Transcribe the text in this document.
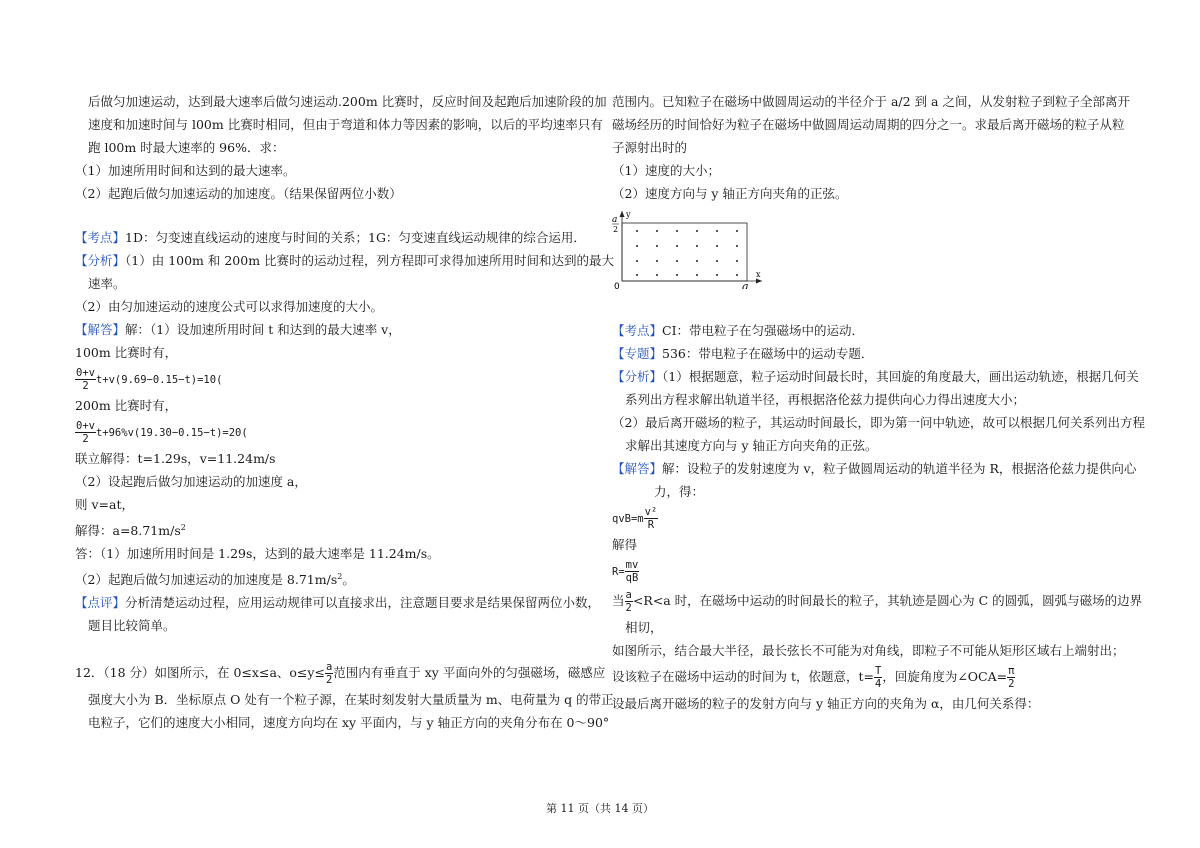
后做匀加速运动，达到最大速率后做匀速运动.200m 比赛时，反应时间及起跑后加速阶段的加

速度和加速时间与 l00m 比赛时相同，但由于弯道和体力等因素的影响，以后的平均速率只有

跑 l00m 时最大速率的 96%．求：

（1）加速所用时间和达到的最大速率。

（2）起跑后做匀加速运动的加速度。（结果保留两位小数）

【考点】1D：匀变速直线运动的速度与时间的关系；1G：匀变速直线运动规律的综合运用．

【分析】（1）由 100m 和 200m 比赛时的运动过程，列方程即可求得加速所用时间和达到的最大

速率。

（2）由匀加速运动的速度公式可以求得加速度的大小。

【解答】解：（1）设加速所用时间 t 和达到的最大速率 v，

100m 比赛时有，

$\frac{0+v}{2} t+v(9.69-0.15-t)=10$(

200m 比赛时有，

$\frac{0+v}{2} t+96\%v(19.30-0.15-t)=20$(

联立解得：t=1.29s，v=11.24m/s

（2）设起跑后做匀加速运动的加速度 a，

则 v=at，

解得：$a=8.71m/s^2$

答：（1）加速所用时间是 1.29s，达到的最大速率是 11.24m/s。

（2）起跑后做匀加速运动的加速度是 $8.71m/s^2$。

【点评】分析清楚运动过程，应用运动规律可以直接求出，注意题目要求是结果保留两位小数，

题目比较简单。

12．（18 分）如图所示，在 0≤x≤a、$o\le y\le \frac{a}{2}$ 范围内有垂直于 xy 平面向外的匀强磁场，磁感应

强度大小为 B．坐标原点 O 处有一个粒子源，在某时刻发射大量质量为 m、电荷量为 q 的带正

电粒子，它们的速度大小相同，速度方向均在 xy 平面内，与 y 轴正方向的夹角分布在 0～90°

范围内。已知粒子在磁场中做圆周运动的半径介于 a/2 到 a 之间，从发射粒子到粒子全部离开

磁场经历的时间恰好为粒子在磁场中做圆周运动周期的四分之一。求最后离开磁场的粒子从粒

子源射出时的

（1）速度的大小；

（2）速度方向与 y 轴正方向夹角的正弦。

y
x
a
0
a
2

【考点】CI：带电粒子在匀强磁场中的运动．

【专题】536：带电粒子在磁场中的运动专题．

【分析】（1）根据题意，粒子运动时间最长时，其回旋的角度最大，画出运动轨迹，根据几何关

系列出方程求解出轨道半径，再根据洛伦兹力提供向心力得出速度大小；

（2）最后离开磁场的粒子，其运动时间最长，即为第一问中轨迹，故可以根据几何关系列出方程

求解出其速度方向与 y 轴正方向夹角的正弦。

【解答】解：设粒子的发射速度为 v，粒子做圆周运动的轨道半径为 R，根据洛伦兹力提供向心

力，得：

$qvB=m \frac{\text{v²}}{R}$

解得

$R= \frac{mv}{qB}$

当 $\frac{a}{2} <R<a$ 时，在磁场中运动的时间最长的粒子，其轨迹是圆心为 C 的圆弧，圆弧与磁场的边界

相切，

如图所示，结合最大半径，最长弦长不可能为对角线，即粒子不可能从矩形区域右上端射出；

设该粒子在磁场中运动的时间为 t，依题意，$t= \frac{T}{4}$ ，回旋角度为∠OCA= $\frac{\pi}{2}$

设最后离开磁场的粒子的发射方向与 y 轴正方向的夹角为 α，由几何关系得：

第 11 页（共 14 页）
